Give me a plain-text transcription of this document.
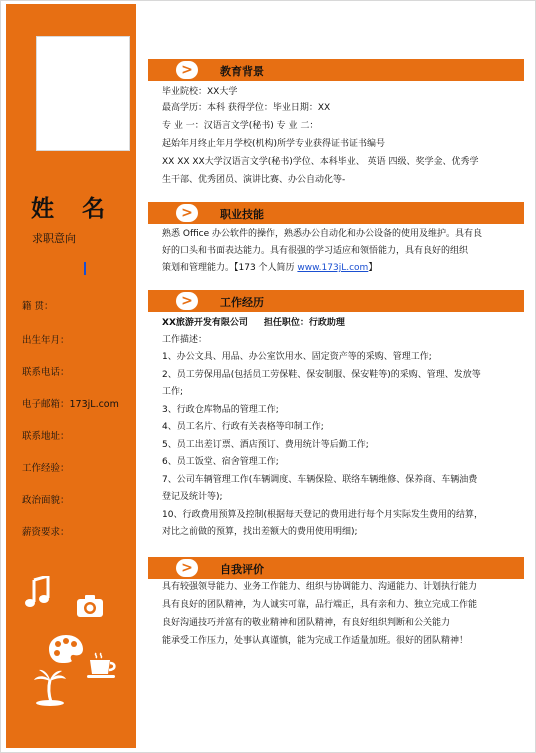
姓 名
求职意向
籍 贯：
出生年月：
联系电话：
电子邮箱：173jL.com
联系地址：
工作经验：
政治面貌：
薪资要求：
>	教育背景
毕业院校：XX大学
最高学历：本科 获得学位：毕业日期：XX
专 业 一：汉语言文学(秘书) 专 业 二：
起始年月终止年月学校(机构)所学专业获得证书证书编号
XX XX XX大学汉语言文学(秘书)学位、本科毕业、 英语 四级、奖学金、优秀学
生干部、优秀团员、演讲比赛、办公自动化等-
>	职业技能
熟悉 Office 办公软件的操作，熟悉办公自动化和办公设备的使用及维护。具有良
好的口头和书面表达能力。具有很强的学习适应和领悟能力，具有良好的组织
策划和管理能力。【173 个人简历 www.173jL.com】
>	工作经历
XX旅游开发有限公司 担任职位：行政助理
工作描述：
1、办公文具、用品、办公室饮用水、固定资产等的采购、管理工作;
2、员工劳保用品(包括员工劳保鞋、保安制服、保安鞋等)的采购、管理、发放等
工作;
3、行政仓库物品的管理工作;
4、员工名片、行政有关表格等印制工作;
5、员工出差订票、酒店预订、费用统计等后勤工作;
6、员工饭堂、宿舍管理工作;
7、公司车辆管理工作(车辆调度、车辆保险、联络车辆维修、保养商、车辆油费
登记及统计等);
10、行政费用预算及控制(根据每天登记的费用进行每个月实际发生费用的结算，
对比之前做的预算，找出差额大的费用使用明细);
>	自我评价
具有较强领导能力、业务工作能力、组织与协调能力、沟通能力、计划执行能力
具有良好的团队精神，为人诚实可靠，品行端正，具有亲和力、独立完成工作能
良好沟通技巧并富有的敬业精神和团队精神，有良好组织判断和公关能力
能承受工作压力，处事认真谨慎，能为完成工作适量加班。很好的团队精神！
